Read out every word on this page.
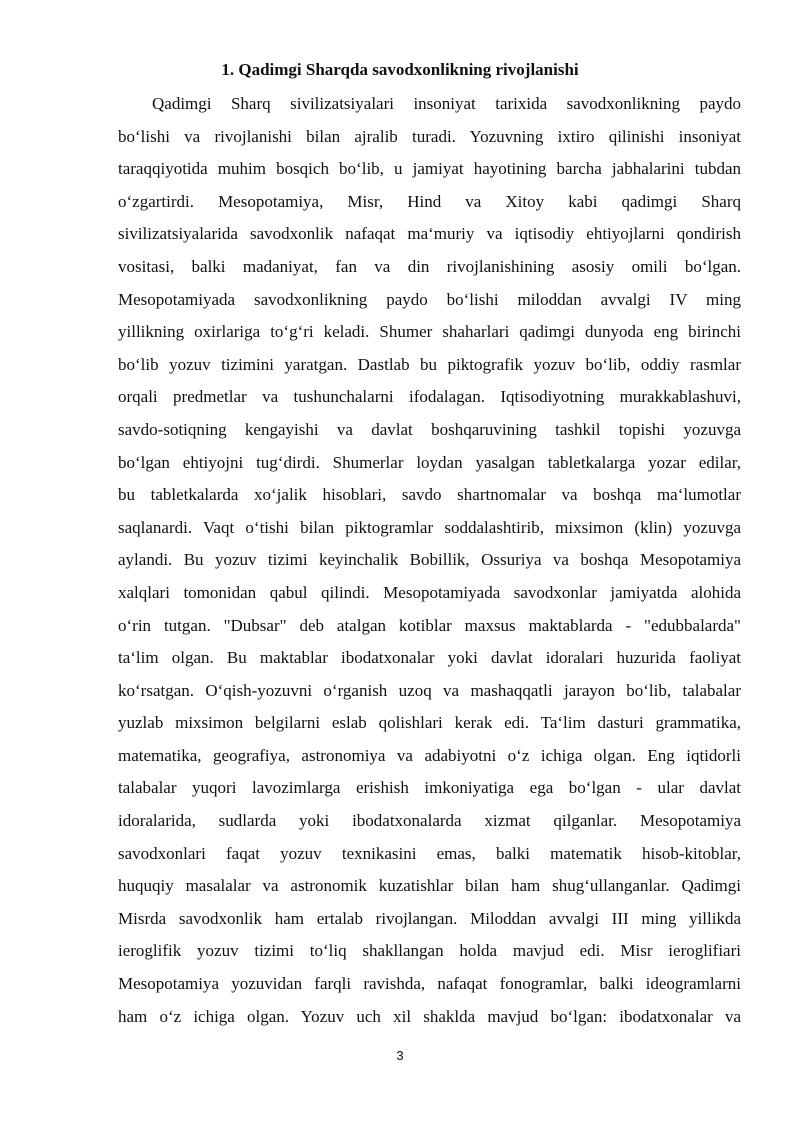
1. Qadimgi Sharqda savodxonlikning rivojlanishi
Qadimgi Sharq sivilizatsiyalari insoniyat tarixida savodxonlikning paydo
bo‘lishi va rivojlanishi bilan ajralib turadi. Yozuvning ixtiro qilinishi insoniyat
taraqqiyotida muhim bosqich bo‘lib, u jamiyat hayotining barcha jabhalarini tubdan
o‘zgartirdi. Mesopotamiya, Misr, Hind va Xitoy kabi qadimgi Sharq
sivilizatsiyalarida savodxonlik nafaqat ma‘muriy va iqtisodiy ehtiyojlarni qondirish
vositasi, balki madaniyat, fan va din rivojlanishining asosiy omili bo‘lgan.
Mesopotamiyada savodxonlikning paydo bo‘lishi miloddan avvalgi IV ming
yillikning oxirlariga to‘g‘ri keladi. Shumer shaharlari qadimgi dunyoda eng birinchi
bo‘lib yozuv tizimini yaratgan. Dastlab bu piktografik yozuv bo‘lib, oddiy rasmlar
orqali predmetlar va tushunchalarni ifodalagan. Iqtisodiyotning murakkablashuvi,
savdo-sotiqning kengayishi va davlat boshqaruvining tashkil topishi yozuvga
bo‘lgan ehtiyojni tug‘dirdi. Shumerlar loydan yasalgan tabletkalarga yozar edilar,
bu tabletkalarda xo‘jalik hisoblari, savdo shartnomalar va boshqa ma‘lumotlar
saqlanardi. Vaqt o‘tishi bilan piktogramlar soddalashtirib, mixsimon (klin) yozuvga
aylandi. Bu yozuv tizimi keyinchalik Bobillik, Ossuriya va boshqa Mesopotamiya
xalqlari tomonidan qabul qilindi. Mesopotamiyada savodxonlar jamiyatda alohida
o‘rin tutgan. "Dubsar" deb atalgan kotiblar maxsus maktablarda - "edubbalarda"
ta‘lim olgan. Bu maktablar ibodatxonalar yoki davlat idoralari huzurida faoliyat
ko‘rsatgan. O‘qish-yozuvni o‘rganish uzoq va mashaqqatli jarayon bo‘lib, talabalar
yuzlab mixsimon belgilarni eslab qolishlari kerak edi. Ta‘lim dasturi grammatika,
matematika, geografiya, astronomiya va adabiyotni o‘z ichiga olgan. Eng iqtidorli
talabalar yuqori lavozimlarga erishish imkoniyatiga ega bo‘lgan - ular davlat
idoralarida, sudlarda yoki ibodatxonalarda xizmat qilganlar. Mesopotamiya
savodxonlari faqat yozuv texnikasini emas, balki matematik hisob-kitoblar,
huquqiy masalalar va astronomik kuzatishlar bilan ham shug‘ullanganlar. Qadimgi
Misrda savodxonlik ham ertalab rivojlangan. Miloddan avvalgi III ming yillikda
ieroglifik yozuv tizimi to‘liq shakllangan holda mavjud edi. Misr ieroglifiari
Mesopotamiya yozuvidan farqli ravishda, nafaqat fonogramlar, balki ideogramlarni
ham o‘z ichiga olgan. Yozuv uch xil shaklda mavjud bo‘lgan: ibodatxonalar va
3
